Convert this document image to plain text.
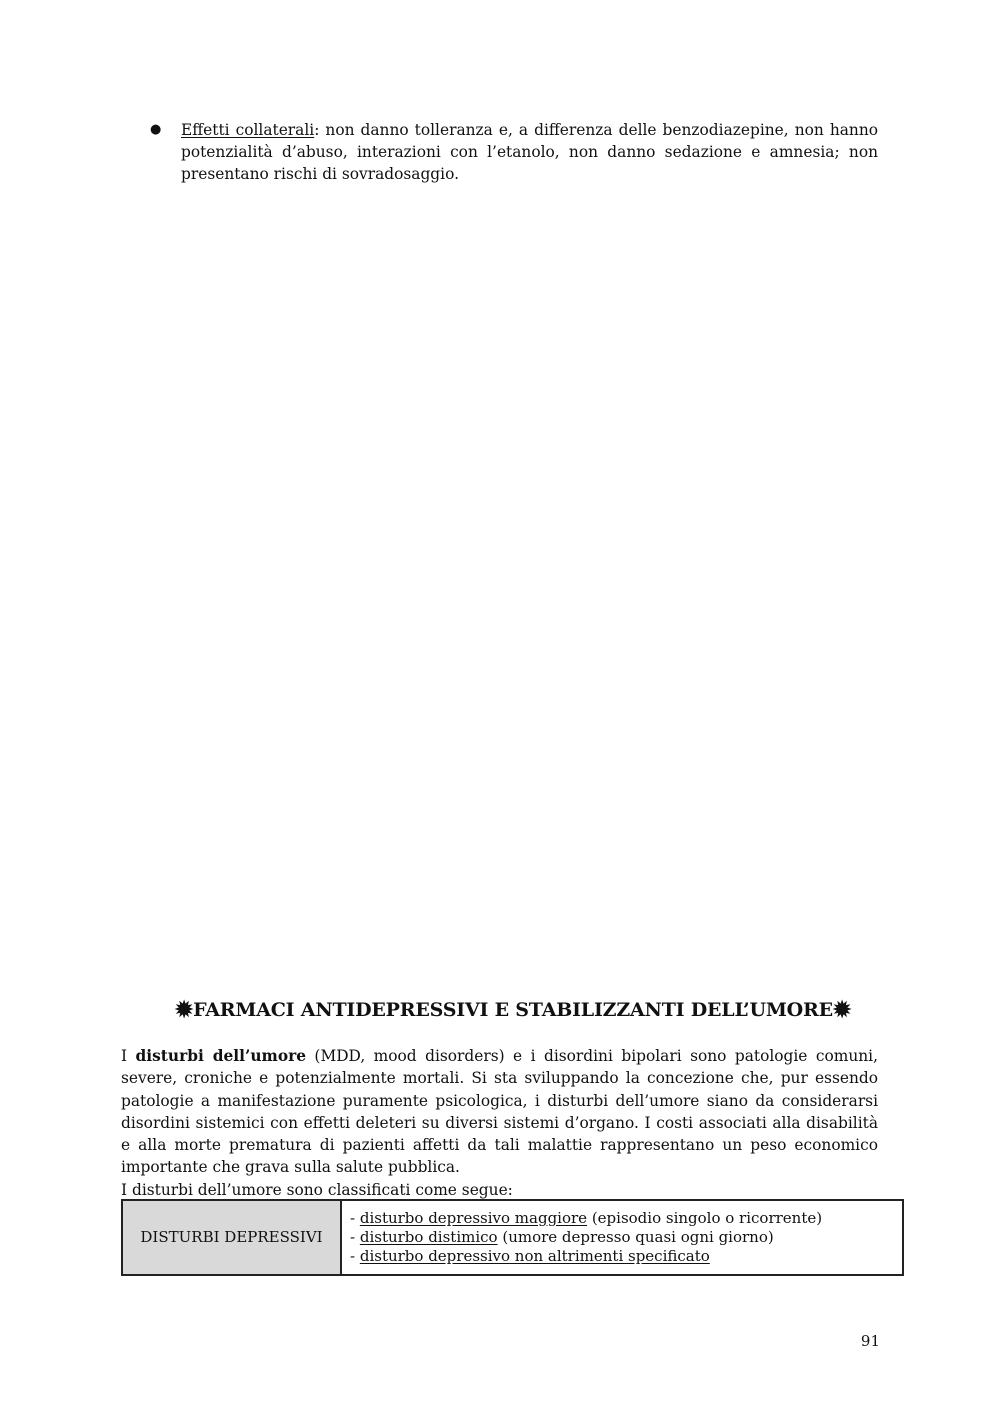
●	Effetti collaterali: non danno tolleranza e, a differenza delle benzodiazepine, non hanno potenzialità d’abuso, interazioni con l’etanolo, non danno sedazione e amnesia; non presentano rischi di sovradosaggio.
✹FARMACI ANTIDEPRESSIVI E STABILIZZANTI DELL’UMORE✹

I disturbi dell’umore (MDD, mood disorders) e i disordini bipolari sono patologie comuni, severe, croniche e potenzialmente mortali. Si sta sviluppando la concezione che, pur essendo patologie a manifestazione puramente psicologica, i disturbi dell’umore siano da considerarsi disordini sistemici con effetti deleteri su diversi sistemi d’organo. I costi associati alla disabilità e alla morte prematura di pazienti affetti da tali malattie rappresentano un peso economico importante che grava sulla salute pubblica.

I disturbi dell’umore sono classificati come segue:

DISTURBI DEPRESSIVI	
- disturbo depressivo maggiore (episodio singolo o ricorrente)
- disturbo distimico (umore depresso quasi ogni giorno)
- disturbo depressivo non altrimenti specificato
91
